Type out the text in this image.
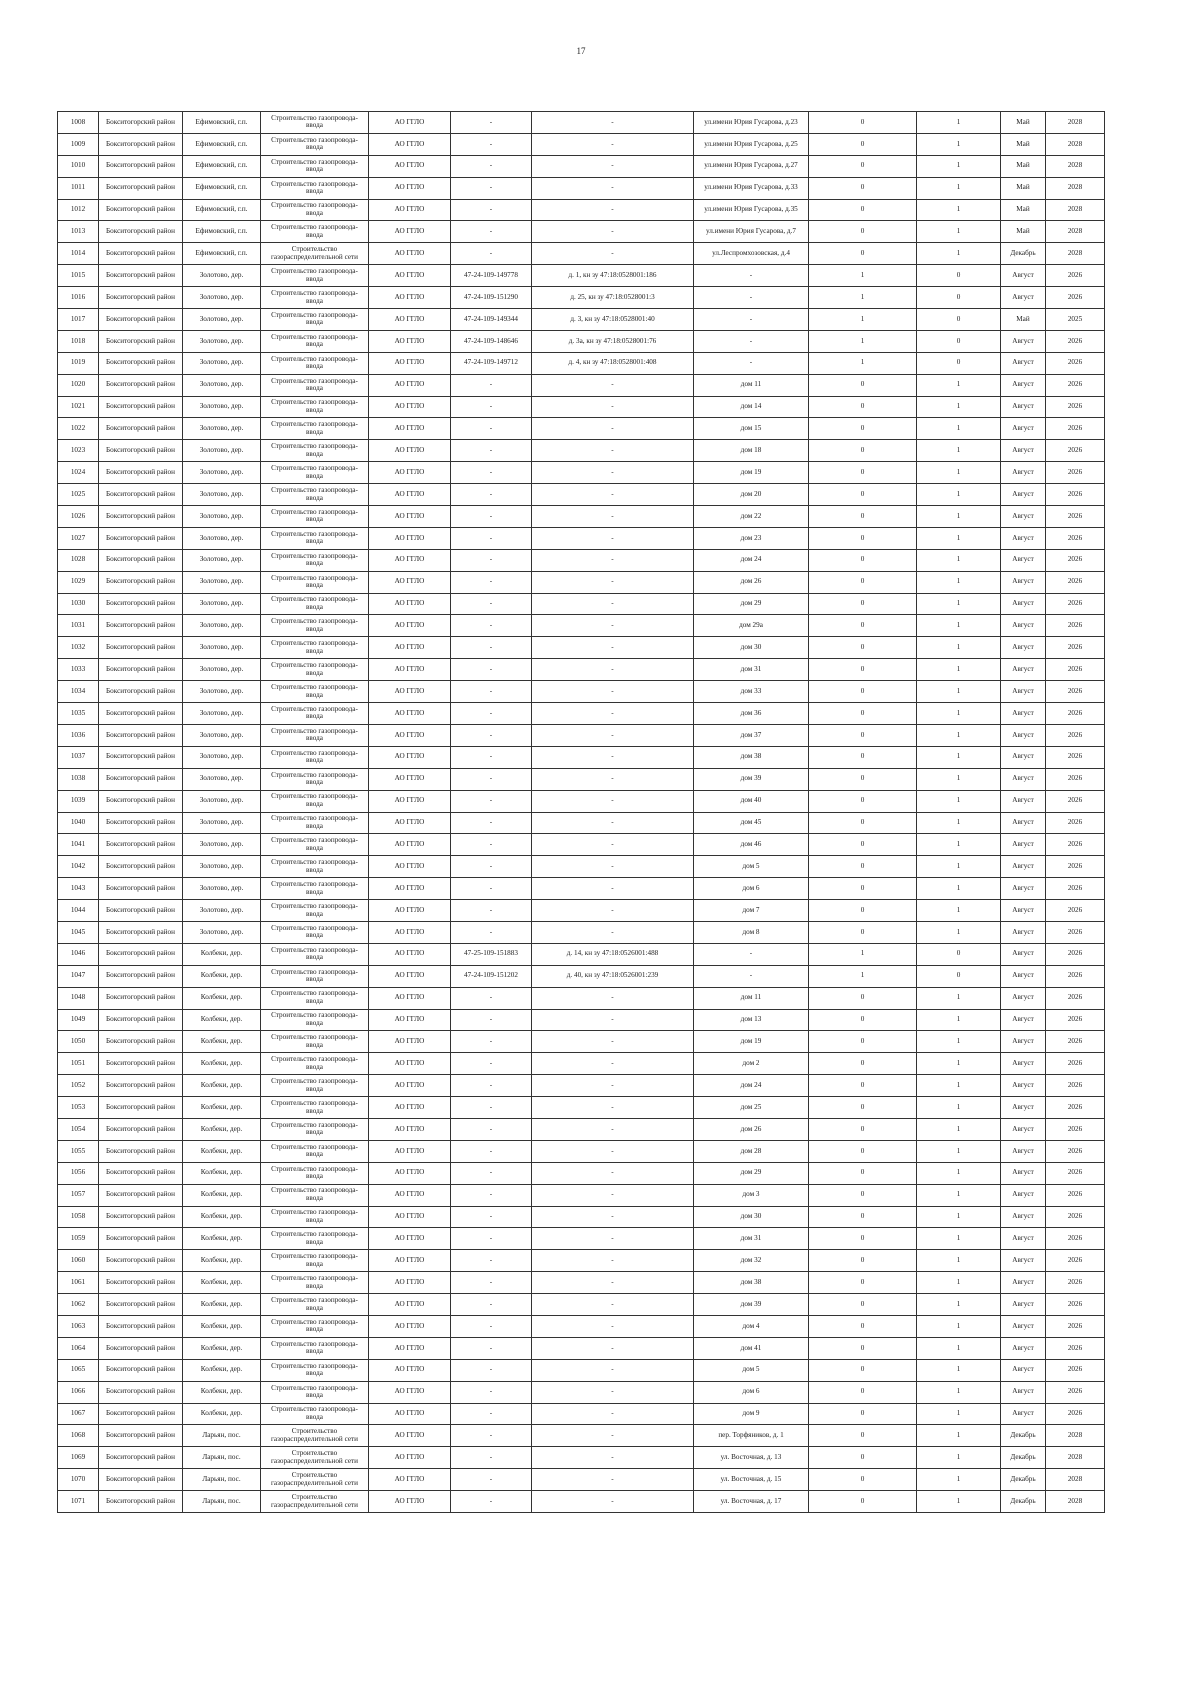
17
1008	Бокситогорский район	Ефимовский, г.п.	Строительство газопровода-ввода	АО ГГЛО	-	-	ул.имени Юрия Гусарова, д.23	0	1	Май	2028
1009	Бокситогорский район	Ефимовский, г.п.	Строительство газопровода-ввода	АО ГГЛО	-	-	ул.имени Юрия Гусарова, д.25	0	1	Май	2028
1010	Бокситогорский район	Ефимовский, г.п.	Строительство газопровода-ввода	АО ГГЛО	-	-	ул.имени Юрия Гусарова, д.27	0	1	Май	2028
1011	Бокситогорский район	Ефимовский, г.п.	Строительство газопровода-ввода	АО ГГЛО	-	-	ул.имени Юрия Гусарова, д.33	0	1	Май	2028
1012	Бокситогорский район	Ефимовский, г.п.	Строительство газопровода-ввода	АО ГГЛО	-	-	ул.имени Юрия Гусарова, д.35	0	1	Май	2028
1013	Бокситогорский район	Ефимовский, г.п.	Строительство газопровода-ввода	АО ГГЛО	-	-	ул.имени Юрия Гусарова, д.7	0	1	Май	2028
1014	Бокситогорский район	Ефимовский, г.п.	Строительство газораспределительной сети	АО ГГЛО	-	-	ул.Леспромхозовская, д.4	0	1	Декабрь	2028
1015	Бокситогорский район	Золотово, дер.	Строительство газопровода-ввода	АО ГГЛО	47-24-109-149778	д. 1, кн зу 47:18:0528001:186	-	1	0	Август	2026
1016	Бокситогорский район	Золотово, дер.	Строительство газопровода-ввода	АО ГГЛО	47-24-109-151290	д. 25, кн зу 47:18:0528001:3	-	1	0	Август	2026
1017	Бокситогорский район	Золотово, дер.	Строительство газопровода-ввода	АО ГГЛО	47-24-109-149344	д. 3, кн зу 47:18:0528001:40	-	1	0	Май	2025
1018	Бокситогорский район	Золотово, дер.	Строительство газопровода-ввода	АО ГГЛО	47-24-109-148646	д. 3а, кн зу 47:18:0528001:76	-	1	0	Август	2026
1019	Бокситогорский район	Золотово, дер.	Строительство газопровода-ввода	АО ГГЛО	47-24-109-149712	д. 4, кн зу 47:18:0528001:408	-	1	0	Август	2026
1020	Бокситогорский район	Золотово, дер.	Строительство газопровода-ввода	АО ГГЛО	-	-	дом 11	0	1	Август	2026
1021	Бокситогорский район	Золотово, дер.	Строительство газопровода-ввода	АО ГГЛО	-	-	дом 14	0	1	Август	2026
1022	Бокситогорский район	Золотово, дер.	Строительство газопровода-ввода	АО ГГЛО	-	-	дом 15	0	1	Август	2026
1023	Бокситогорский район	Золотово, дер.	Строительство газопровода-ввода	АО ГГЛО	-	-	дом 18	0	1	Август	2026
1024	Бокситогорский район	Золотово, дер.	Строительство газопровода-ввода	АО ГГЛО	-	-	дом 19	0	1	Август	2026
1025	Бокситогорский район	Золотово, дер.	Строительство газопровода-ввода	АО ГГЛО	-	-	дом 20	0	1	Август	2026
1026	Бокситогорский район	Золотово, дер.	Строительство газопровода-ввода	АО ГГЛО	-	-	дом 22	0	1	Август	2026
1027	Бокситогорский район	Золотово, дер.	Строительство газопровода-ввода	АО ГГЛО	-	-	дом 23	0	1	Август	2026
1028	Бокситогорский район	Золотово, дер.	Строительство газопровода-ввода	АО ГГЛО	-	-	дом 24	0	1	Август	2026
1029	Бокситогорский район	Золотово, дер.	Строительство газопровода-ввода	АО ГГЛО	-	-	дом 26	0	1	Август	2026
1030	Бокситогорский район	Золотово, дер.	Строительство газопровода-ввода	АО ГГЛО	-	-	дом 29	0	1	Август	2026
1031	Бокситогорский район	Золотово, дер.	Строительство газопровода-ввода	АО ГГЛО	-	-	дом 29а	0	1	Август	2026
1032	Бокситогорский район	Золотово, дер.	Строительство газопровода-ввода	АО ГГЛО	-	-	дом 30	0	1	Август	2026
1033	Бокситогорский район	Золотово, дер.	Строительство газопровода-ввода	АО ГГЛО	-	-	дом 31	0	1	Август	2026
1034	Бокситогорский район	Золотово, дер.	Строительство газопровода-ввода	АО ГГЛО	-	-	дом 33	0	1	Август	2026
1035	Бокситогорский район	Золотово, дер.	Строительство газопровода-ввода	АО ГГЛО	-	-	дом 36	0	1	Август	2026
1036	Бокситогорский район	Золотово, дер.	Строительство газопровода-ввода	АО ГГЛО	-	-	дом 37	0	1	Август	2026
1037	Бокситогорский район	Золотово, дер.	Строительство газопровода-ввода	АО ГГЛО	-	-	дом 38	0	1	Август	2026
1038	Бокситогорский район	Золотово, дер.	Строительство газопровода-ввода	АО ГГЛО	-	-	дом 39	0	1	Август	2026
1039	Бокситогорский район	Золотово, дер.	Строительство газопровода-ввода	АО ГГЛО	-	-	дом 40	0	1	Август	2026
1040	Бокситогорский район	Золотово, дер.	Строительство газопровода-ввода	АО ГГЛО	-	-	дом 45	0	1	Август	2026
1041	Бокситогорский район	Золотово, дер.	Строительство газопровода-ввода	АО ГГЛО	-	-	дом 46	0	1	Август	2026
1042	Бокситогорский район	Золотово, дер.	Строительство газопровода-ввода	АО ГГЛО	-	-	дом 5	0	1	Август	2026
1043	Бокситогорский район	Золотово, дер.	Строительство газопровода-ввода	АО ГГЛО	-	-	дом 6	0	1	Август	2026
1044	Бокситогорский район	Золотово, дер.	Строительство газопровода-ввода	АО ГГЛО	-	-	дом 7	0	1	Август	2026
1045	Бокситогорский район	Золотово, дер.	Строительство газопровода-ввода	АО ГГЛО	-	-	дом 8	0	1	Август	2026
1046	Бокситогорский район	Колбеки, дер.	Строительство газопровода-ввода	АО ГГЛО	47-25-109-151883	д. 14, кн зу 47:18:0526001:488	-	1	0	Август	2026
1047	Бокситогорский район	Колбеки, дер.	Строительство газопровода-ввода	АО ГГЛО	47-24-109-151202	д. 40, кн зу 47:18:0526001:239	-	1	0	Август	2026
1048	Бокситогорский район	Колбеки, дер.	Строительство газопровода-ввода	АО ГГЛО	-	-	дом 11	0	1	Август	2026
1049	Бокситогорский район	Колбеки, дер.	Строительство газопровода-ввода	АО ГГЛО	-	-	дом 13	0	1	Август	2026
1050	Бокситогорский район	Колбеки, дер.	Строительство газопровода-ввода	АО ГГЛО	-	-	дом 19	0	1	Август	2026
1051	Бокситогорский район	Колбеки, дер.	Строительство газопровода-ввода	АО ГГЛО	-	-	дом 2	0	1	Август	2026
1052	Бокситогорский район	Колбеки, дер.	Строительство газопровода-ввода	АО ГГЛО	-	-	дом 24	0	1	Август	2026
1053	Бокситогорский район	Колбеки, дер.	Строительство газопровода-ввода	АО ГГЛО	-	-	дом 25	0	1	Август	2026
1054	Бокситогорский район	Колбеки, дер.	Строительство газопровода-ввода	АО ГГЛО	-	-	дом 26	0	1	Август	2026
1055	Бокситогорский район	Колбеки, дер.	Строительство газопровода-ввода	АО ГГЛО	-	-	дом 28	0	1	Август	2026
1056	Бокситогорский район	Колбеки, дер.	Строительство газопровода-ввода	АО ГГЛО	-	-	дом 29	0	1	Август	2026
1057	Бокситогорский район	Колбеки, дер.	Строительство газопровода-ввода	АО ГГЛО	-	-	дом 3	0	1	Август	2026
1058	Бокситогорский район	Колбеки, дер.	Строительство газопровода-ввода	АО ГГЛО	-	-	дом 30	0	1	Август	2026
1059	Бокситогорский район	Колбеки, дер.	Строительство газопровода-ввода	АО ГГЛО	-	-	дом 31	0	1	Август	2026
1060	Бокситогорский район	Колбеки, дер.	Строительство газопровода-ввода	АО ГГЛО	-	-	дом 32	0	1	Август	2026
1061	Бокситогорский район	Колбеки, дер.	Строительство газопровода-ввода	АО ГГЛО	-	-	дом 38	0	1	Август	2026
1062	Бокситогорский район	Колбеки, дер.	Строительство газопровода-ввода	АО ГГЛО	-	-	дом 39	0	1	Август	2026
1063	Бокситогорский район	Колбеки, дер.	Строительство газопровода-ввода	АО ГГЛО	-	-	дом 4	0	1	Август	2026
1064	Бокситогорский район	Колбеки, дер.	Строительство газопровода-ввода	АО ГГЛО	-	-	дом 41	0	1	Август	2026
1065	Бокситогорский район	Колбеки, дер.	Строительство газопровода-ввода	АО ГГЛО	-	-	дом 5	0	1	Август	2026
1066	Бокситогорский район	Колбеки, дер.	Строительство газопровода-ввода	АО ГГЛО	-	-	дом 6	0	1	Август	2026
1067	Бокситогорский район	Колбеки, дер.	Строительство газопровода-ввода	АО ГГЛО	-	-	дом 9	0	1	Август	2026
1068	Бокситогорский район	Ларьян, пос.	Строительство газораспределительной сети	АО ГГЛО	-	-	пер. Торфяников, д. 1	0	1	Декабрь	2028
1069	Бокситогорский район	Ларьян, пос.	Строительство газораспределительной сети	АО ГГЛО	-	-	ул. Восточная, д. 13	0	1	Декабрь	2028
1070	Бокситогорский район	Ларьян, пос.	Строительство газораспределительной сети	АО ГГЛО	-	-	ул. Восточная, д. 15	0	1	Декабрь	2028
1071	Бокситогорский район	Ларьян, пос.	Строительство газораспределительной сети	АО ГГЛО	-	-	ул. Восточная, д. 17	0	1	Декабрь	2028
